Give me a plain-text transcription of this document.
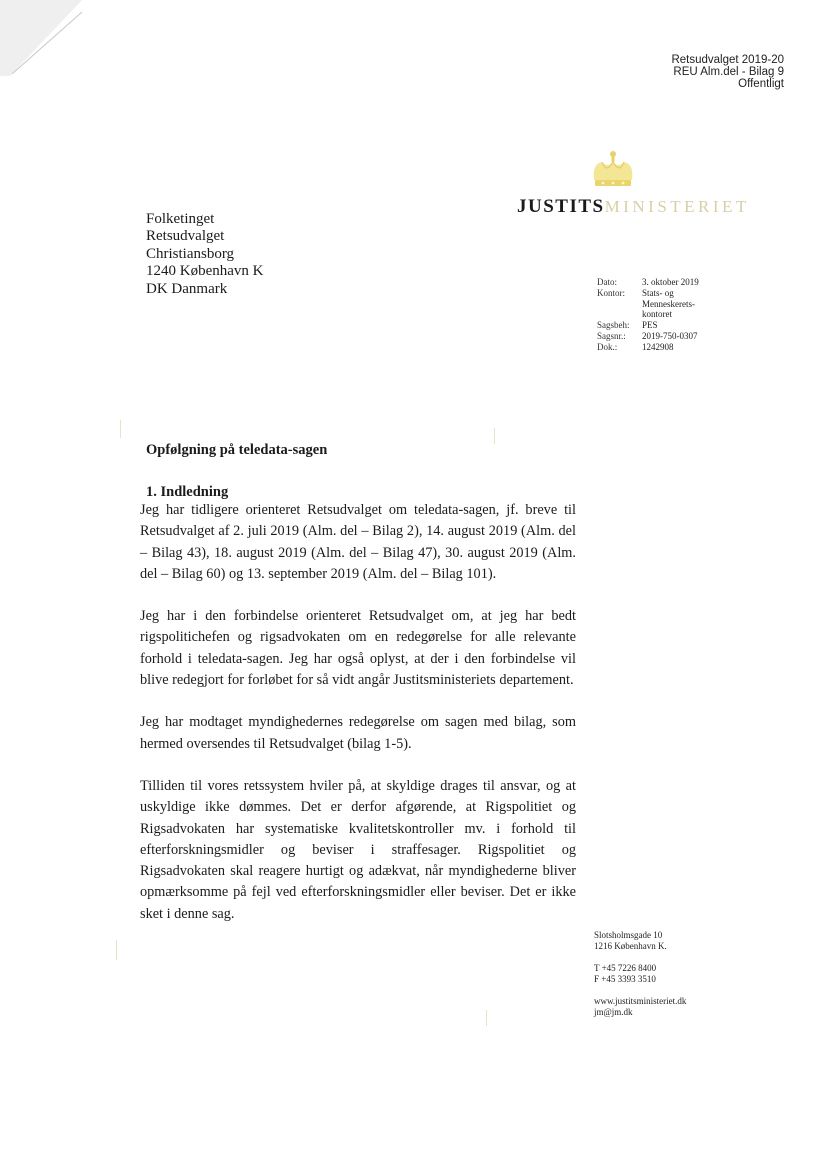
Retsudvalget 2019-20
REU Alm.del - Bilag 9
Offentligt
JUSTITSMINISTERIET
Folketinget
Retsudvalget
Christiansborg
1240 København K
DK Danmark	Dato:	3. oktober 2019
Kontor:	Stats- og Menneskerets-kontoret
Sagsbeh:	PES
Sagsnr.:	2019-750-0307
Dok.:	1242908
Opfølgning på teledata-sagen
1. Indledning

Jeg har tidligere orienteret Retsudvalget om teledata-sagen, jf. breve til Retsudvalget af 2. juli 2019 (Alm. del – Bilag 2), 14. august 2019 (Alm. del – Bilag 43), 18. august 2019 (Alm. del – Bilag 47), 30. august 2019 (Alm. del – Bilag 60) og 13. september 2019 (Alm. del – Bilag 101).

Jeg har i den forbindelse orienteret Retsudvalget om, at jeg har bedt rigspolitichefen og rigsadvokaten om en redegørelse for alle relevante forhold i teledata-sagen. Jeg har også oplyst, at der i den forbindelse vil blive redegjort for forløbet for så vidt angår Justitsministeriets departement.

Jeg har modtaget myndighedernes redegørelse om sagen med bilag, som hermed oversendes til Retsudvalget (bilag 1-5).

Tilliden til vores retssystem hviler på, at skyldige drages til ansvar, og at uskyldige ikke dømmes. Det er derfor afgørende, at Rigspolitiet og Rigsadvokaten har systematiske kvalitetskontroller mv. i forhold til efterforskningsmidler og beviser i straffesager. Rigspolitiet og Rigsadvokaten skal reagere hurtigt og adækvat, når myndighederne bliver opmærksomme på fejl ved efterforskningsmidler eller beviser. Det er ikke sket i denne sag.

Slotsholmsgade 10
1216 København K.
T +45 7226 8400
F +45 3393 3510
www.justitsministeriet.dk
jm@jm.dk
